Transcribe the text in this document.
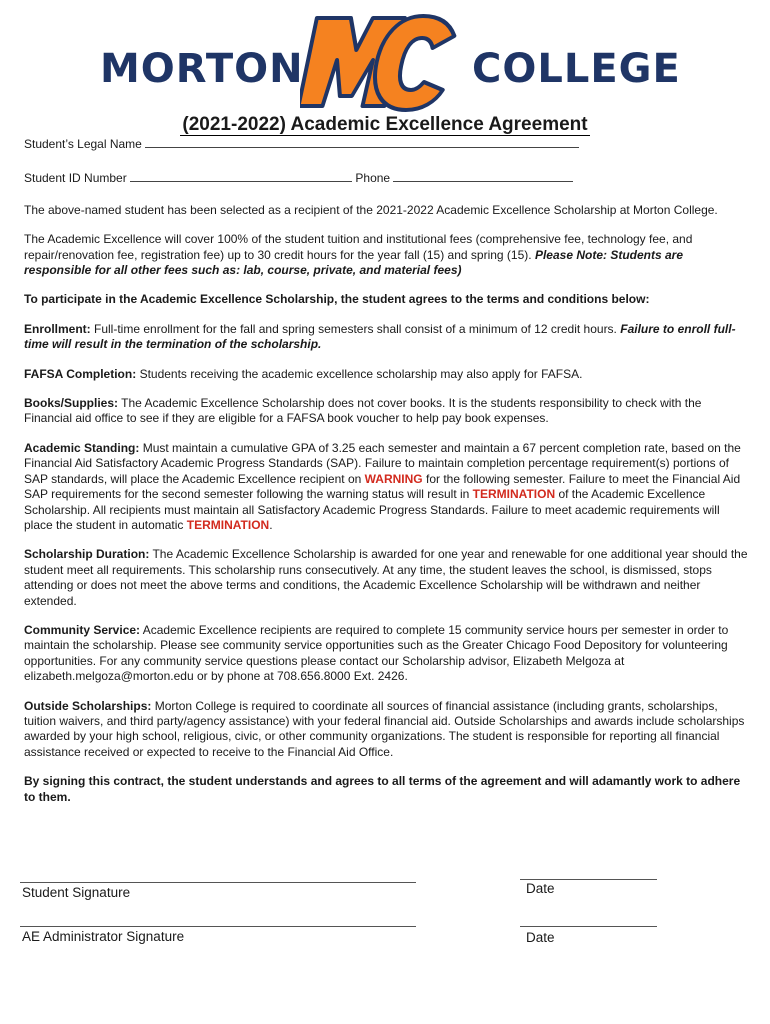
MORTON	COLLEGE
(2021-2022) Academic Excellence Agreement
Student’s Legal Name
Student ID Number	Phone

The above-named student has been selected as a recipient of the 2021-2022 Academic Excellence Scholarship at Morton College.

The Academic Excellence will cover 100% of the student tuition and institutional fees (comprehensive fee, technology fee, and repair/renovation fee, registration fee) up to 30 credit hours for the year fall (15) and spring (15). Please Note: Students are responsible for all other fees such as: lab, course, private, and material fees)

To participate in the Academic Excellence Scholarship, the student agrees to the terms and conditions below:

Enrollment: Full-time enrollment for the fall and spring semesters shall consist of a minimum of 12 credit hours. Failure to enroll full-time will result in the termination of the scholarship.

FAFSA Completion: Students receiving the academic excellence scholarship may also apply for FAFSA.

Books/Supplies: The Academic Excellence Scholarship does not cover books. It is the students responsibility to check with the Financial aid office to see if they are eligible for a FAFSA book voucher to help pay book expenses.

Academic Standing: Must maintain a cumulative GPA of 3.25 each semester and maintain a 67 percent completion rate, based on the Financial Aid Satisfactory Academic Progress Standards (SAP). Failure to maintain completion percentage requirement(s) portions of SAP standards, will place the Academic Excellence recipient on WARNING for the following semester. Failure to meet the Financial Aid SAP requirements for the second semester following the warning status will result in TERMINATION of the Academic Excellence Scholarship. All recipients must maintain all Satisfactory Academic Progress Standards. Failure to meet academic requirements will place the student in automatic TERMINATION.

Scholarship Duration: The Academic Excellence Scholarship is awarded for one year and renewable for one additional year should the student meet all requirements. This scholarship runs consecutively. At any time, the student leaves the school, is dismissed, stops attending or does not meet the above terms and conditions, the Academic Excellence Scholarship will be withdrawn and neither extended.

Community Service: Academic Excellence recipients are required to complete 15 community service hours per semester in order to maintain the scholarship. Please see community service opportunities such as the Greater Chicago Food Depository for volunteering opportunities. For any community service questions please contact our Scholarship advisor, Elizabeth Melgoza at elizabeth.melgoza@morton.edu or by phone at 708.656.8000 Ext. 2426.

Outside Scholarships: Morton College is required to coordinate all sources of financial assistance (including grants, scholarships, tuition waivers, and third party/agency assistance) with your federal financial aid. Outside Scholarships and awards include scholarships awarded by your high school, religious, civic, or other community organizations. The student is responsible for reporting all financial assistance received or expected to receive to the Financial Aid Office.

By signing this contract, the student understands and agrees to all terms of the agreement and will adamantly work to adhere to them.

Student Signature	Date
AE Administrator Signature	Date
